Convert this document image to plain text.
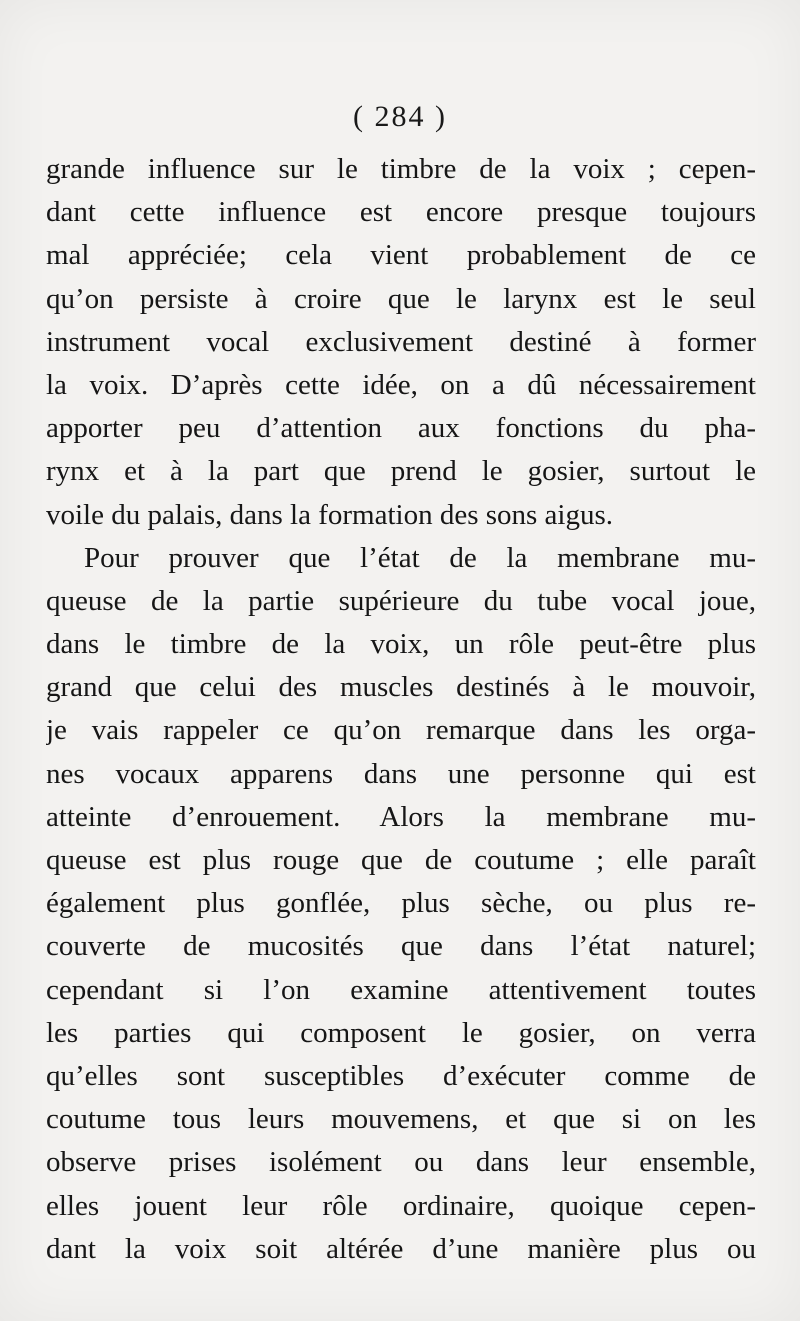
( 284 )
grande influence sur le timbre de la voix ; cepen-
dant cette influence est encore presque toujours
mal appréciée; cela vient probablement de ce
qu’on persiste à croire que le larynx est le seul
instrument vocal exclusivement destiné à former
la voix. D’après cette idée, on a dû nécessairement
apporter peu d’attention aux fonctions du pha-
rynx et à la part que prend le gosier, surtout le
voile du palais, dans la formation des sons aigus.
Pour prouver que l’état de la membrane mu-
queuse de la partie supérieure du tube vocal joue,
dans le timbre de la voix, un rôle peut-être plus
grand que celui des muscles destinés à le mouvoir,
je vais rappeler ce qu’on remarque dans les orga-
nes vocaux apparens dans une personne qui est
atteinte d’enrouement. Alors la membrane mu-
queuse est plus rouge que de coutume ; elle paraît
également plus gonflée, plus sèche, ou plus re-
couverte de mucosités que dans l’état naturel;
cependant si l’on examine attentivement toutes
les parties qui composent le gosier, on verra
qu’elles sont susceptibles d’exécuter comme de
coutume tous leurs mouvemens, et que si on les
observe prises isolément ou dans leur ensemble,
elles jouent leur rôle ordinaire, quoique cepen-
dant la voix soit altérée d’une manière plus ou
